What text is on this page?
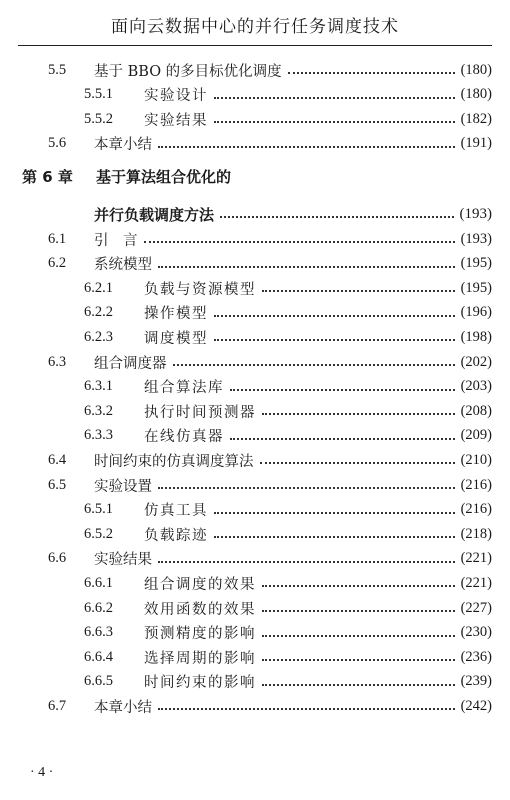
面向云数据中心的并行任务调度技术
5.5	基于 BBO 的多目标优化调度	(180)
5.5.1	实验设计	(180)
5.5.2	实验结果	(182)
5.6	本章小结	(191)
第 6 章 基于算法组合优化的
并行负载调度方法	(193)
6.1	引　言	(193)
6.2	系统模型	(195)
6.2.1	负载与资源模型	(195)
6.2.2	操作模型	(196)
6.2.3	调度模型	(198)
6.3	组合调度器	(202)
6.3.1	组合算法库	(203)
6.3.2	执行时间预测器	(208)
6.3.3	在线仿真器	(209)
6.4	时间约束的仿真调度算法	(210)
6.5	实验设置	(216)
6.5.1	仿真工具	(216)
6.5.2	负载踪迹	(218)
6.6	实验结果	(221)
6.6.1	组合调度的效果	(221)
6.6.2	效用函数的效果	(227)
6.6.3	预测精度的影响	(230)
6.6.4	选择周期的影响	(236)
6.6.5	时间约束的影响	(239)
6.7	本章小结	(242)
· 4 ·
